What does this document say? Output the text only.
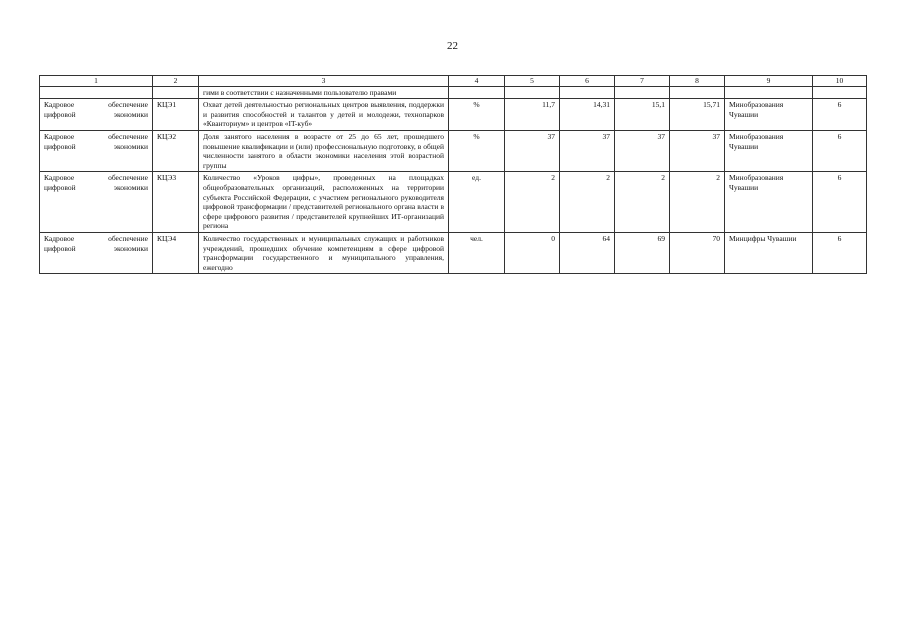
22
1	2	3	4	5	6	7	8	9	10
		гими в соответствии с назначенными пользователю правами							
Кадровое обеспечение цифровой экономики	КЦЭ1	Охват детей деятельностью региональных центров выявления, поддержки и развития способностей и талантов у детей и молодежи, технопарков «Кванториум» и центров «IT-куб»	%	11,7	14,31	15,1	15,71	Минобразования Чувашии	6
Кадровое обеспечение цифровой экономики	КЦЭ2	Доля занятого населения в возрасте от 25 до 65 лет, прошедшего повышение квалификации и (или) профессиональную подготовку, в общей численности занятого в области экономики населения этой возрастной группы	%	37	37	37	37	Минобразования Чувашии	6
Кадровое обеспечение цифровой экономики	КЦЭ3	Количество «Уроков цифры», проведенных на площадках общеобразовательных организаций, расположенных на территории субъекта Российской Федерации, с участием регионального руководителя цифровой трансформации / представителей регионального органа власти в сфере цифрового развития / представителей крупнейших ИТ-организаций региона	ед.	2	2	2	2	Минобразования Чувашии	6
Кадровое обеспечение цифровой экономики	КЦЭ4	Количество государственных и муниципальных служащих и работников учреждений, прошедших обучение компетенциям в сфере цифровой трансформации государственного и муниципального управления, ежегодно	чел.	0	64	69	70	Минцифры Чувашии	6
